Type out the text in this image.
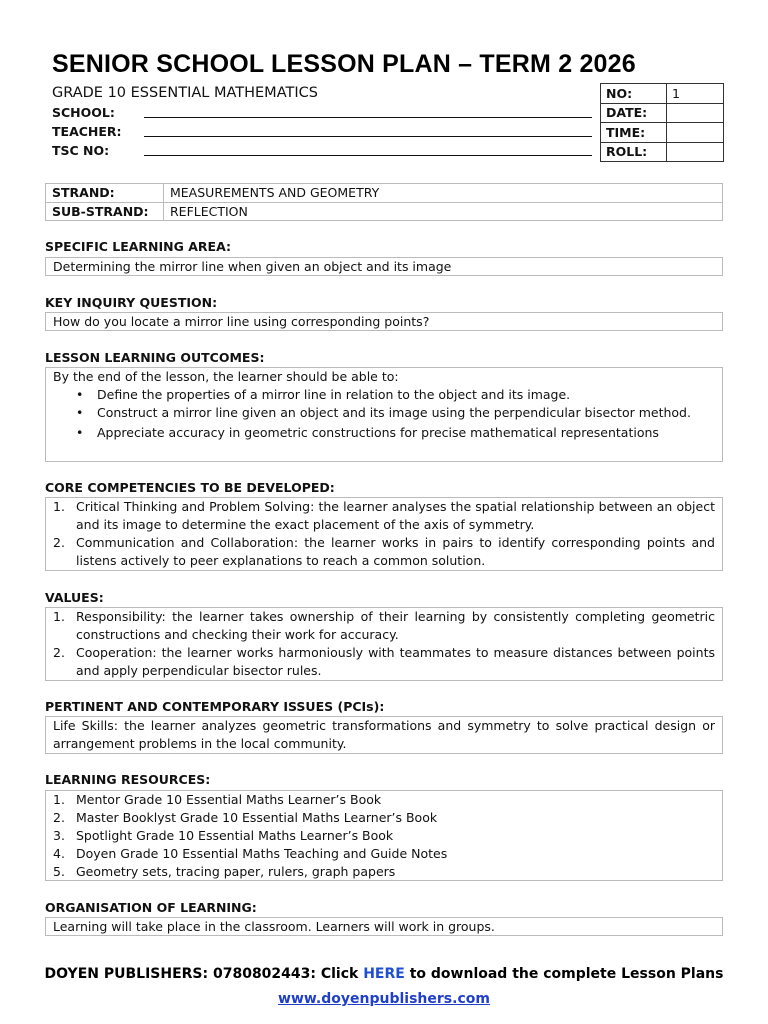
SENIOR SCHOOL LESSON PLAN – TERM 2 2026
GRADE 10 ESSENTIAL MATHEMATICS
SCHOOL:
TEACHER:
TSC NO:
NO:	1
DATE:	
TIME:	
ROLL:	
STRAND:	MEASUREMENTS AND GEOMETRY
SUB-STRAND:	REFLECTION
SPECIFIC LEARNING AREA:
Determining the mirror line when given an object and its image
KEY INQUIRY QUESTION:
How do you locate a mirror line using corresponding points?
LESSON LEARNING OUTCOMES:
By the end of the lesson, the learner should be able to:
• Define the properties of a mirror line in relation to the object and its image.
• Construct a mirror line given an object and its image using the perpendicular bisector method.
• Appreciate accuracy in geometric constructions for precise mathematical representations
CORE COMPETENCIES TO BE DEVELOPED:
1. Critical Thinking and Problem Solving: the learner analyses the spatial relationship between an object and its image to determine the exact placement of the axis of symmetry.
2. Communication and Collaboration: the learner works in pairs to identify corresponding points and listens actively to peer explanations to reach a common solution.
VALUES:
1. Responsibility: the learner takes ownership of their learning by consistently completing geometric constructions and checking their work for accuracy.
2. Cooperation: the learner works harmoniously with teammates to measure distances between points and apply perpendicular bisector rules.
PERTINENT AND CONTEMPORARY ISSUES (PCIs):
Life Skills: the learner analyzes geometric transformations and symmetry to solve practical design or arrangement problems in the local community.
LEARNING RESOURCES:
1. Mentor Grade 10 Essential Maths Learner’s Book
2. Master Booklyst Grade 10 Essential Maths Learner’s Book
3. Spotlight Grade 10 Essential Maths Learner’s Book
4. Doyen Grade 10 Essential Maths Teaching and Guide Notes
5. Geometry sets, tracing paper, rulers, graph papers
ORGANISATION OF LEARNING:
Learning will take place in the classroom. Learners will work in groups.
DOYEN PUBLISHERS: 0780802443: Click HERE to download the complete Lesson Plans
www.doyenpublishers.com
